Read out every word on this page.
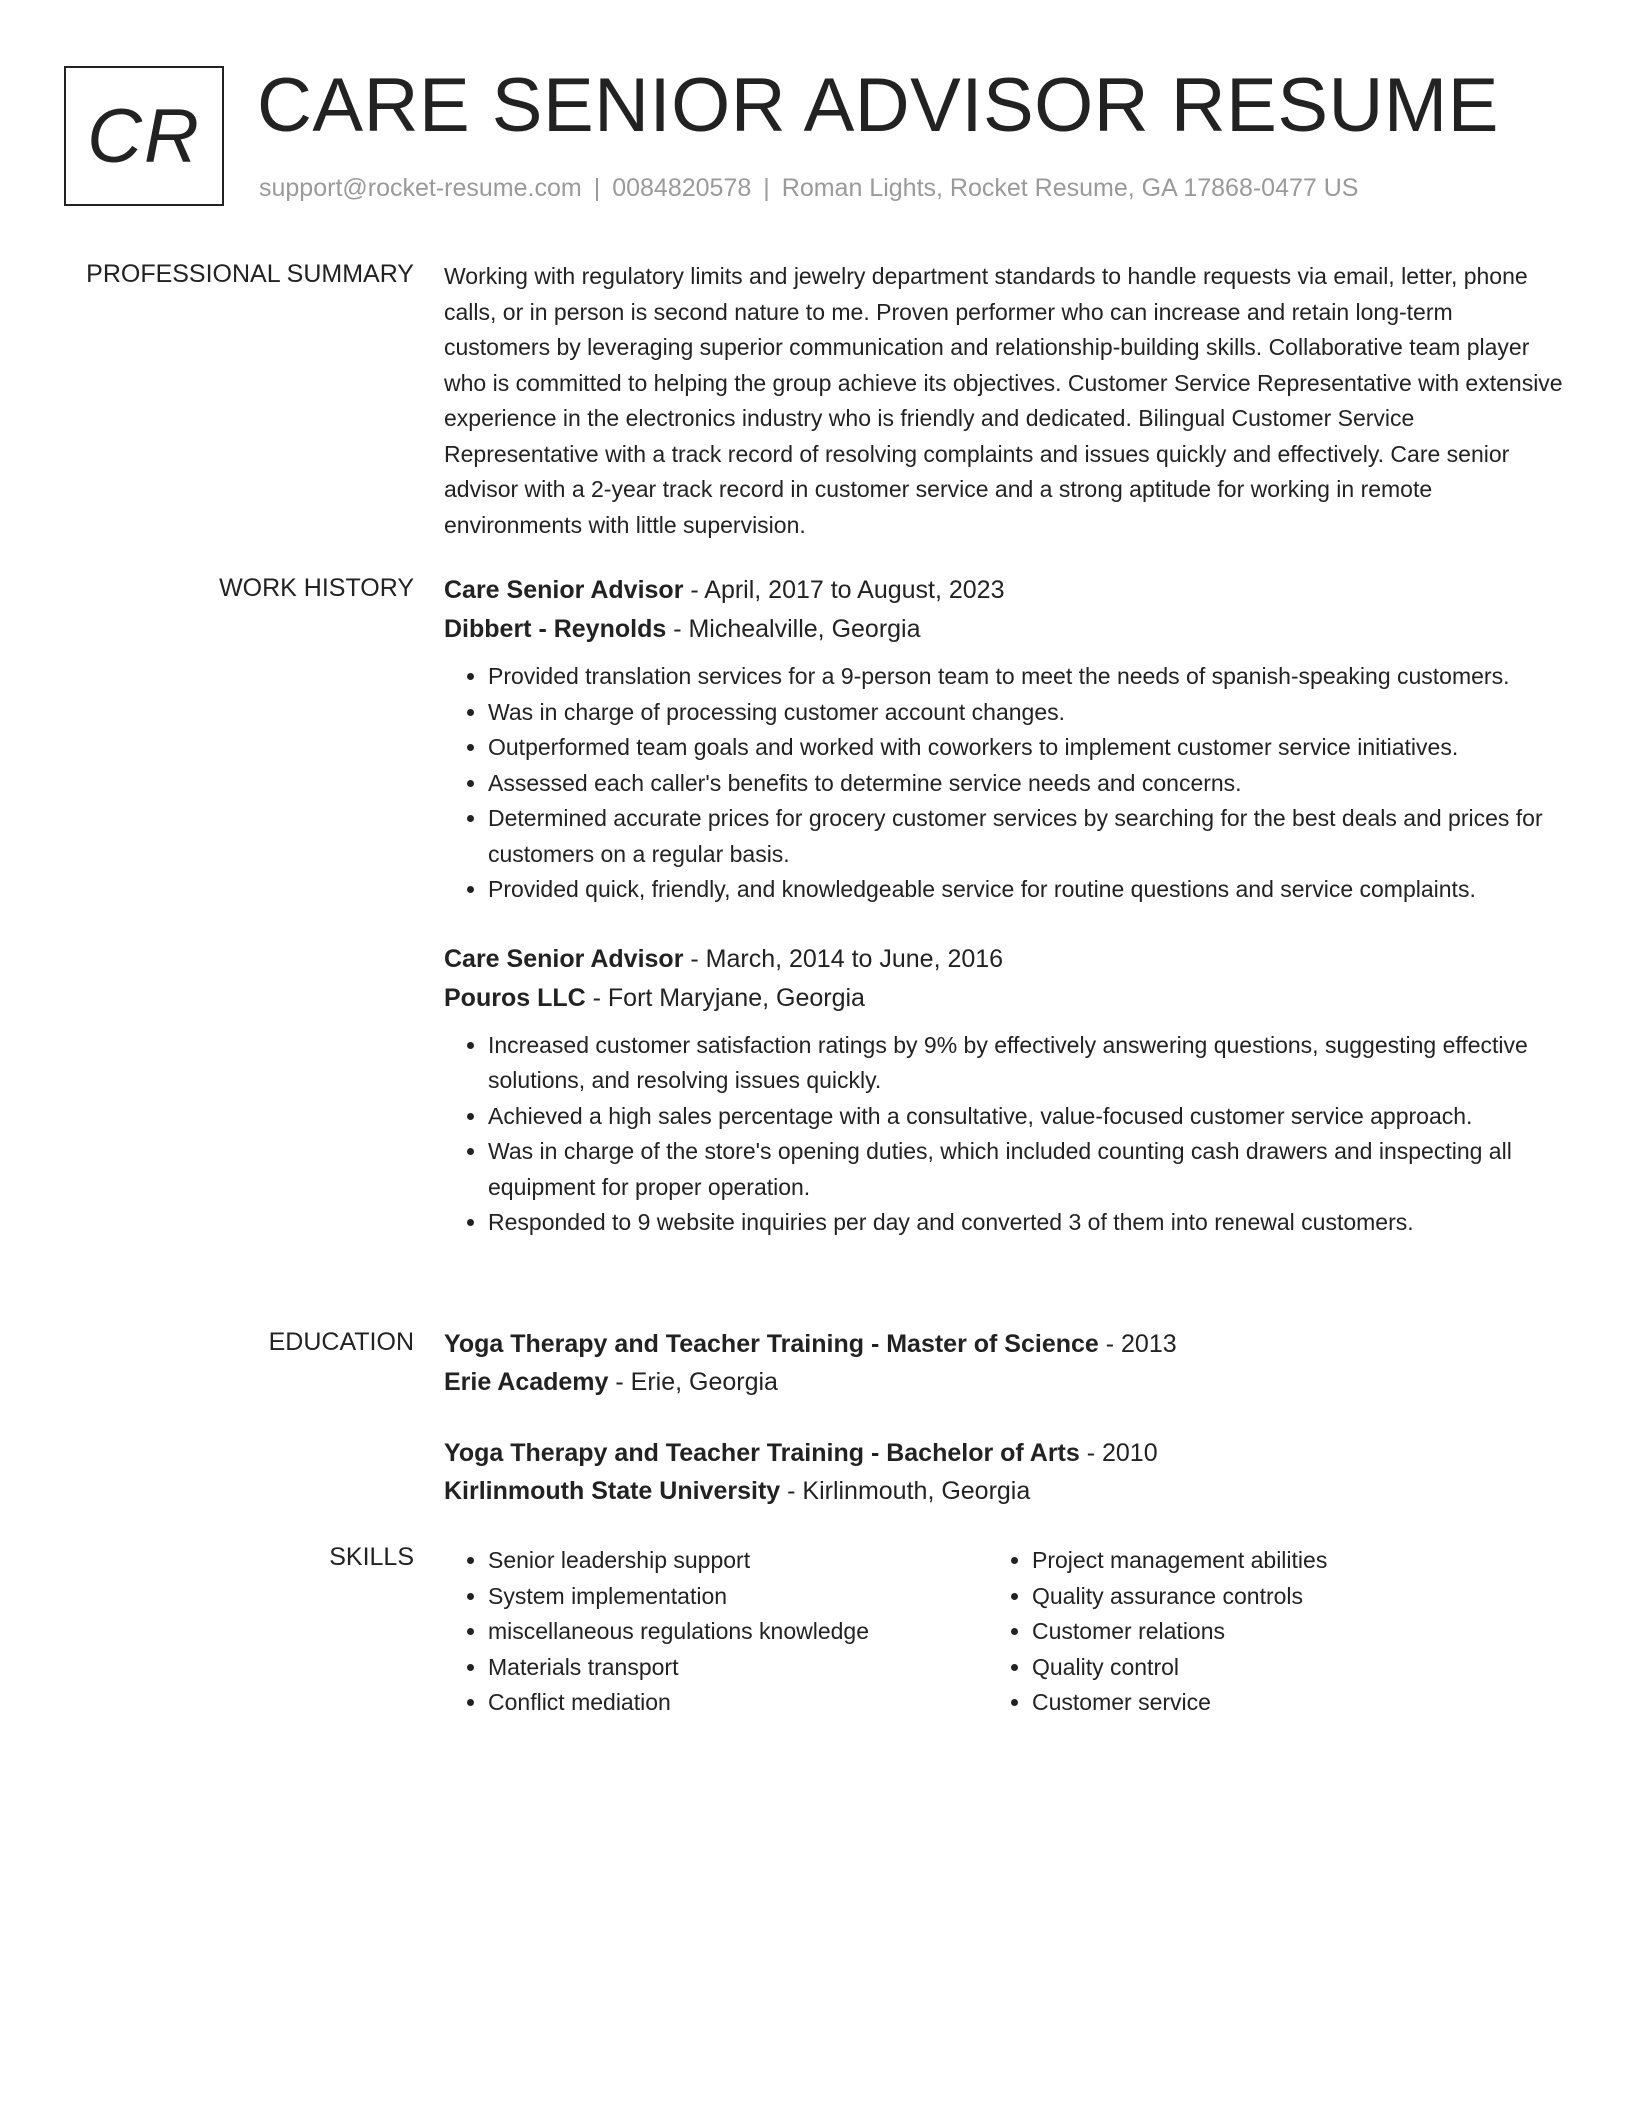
CR CARE SENIOR ADVISOR RESUME
support@rocket-resume.com | 0084820578 | Roman Lights, Rocket Resume, GA 17868-0477 US
PROFESSIONAL SUMMARY Working with regulatory limits and jewelry department standards to handle requests via email, letter, phone calls, or in person is second nature to me. Proven performer who can increase and retain long-term customers by leveraging superior communication and relationship-building skills. Collaborative team player who is committed to helping the group achieve its objectives. Customer Service Representative with extensive experience in the electronics industry who is friendly and dedicated. Bilingual Customer Service Representative with a track record of resolving complaints and issues quickly and effectively. Care senior advisor with a 2-year track record in customer service and a strong aptitude for working in remote environments with little supervision.

WORK HISTORY Care Senior Advisor - April, 2017 to August, 2023
Dibbert - Reynolds - Michealville, Georgia
• Provided translation services for a 9-person team to meet the needs of spanish-speaking customers.
• Was in charge of processing customer account changes.
• Outperformed team goals and worked with coworkers to implement customer service initiatives.
• Assessed each caller's benefits to determine service needs and concerns.
• Determined accurate prices for grocery customer services by searching for the best deals and prices for customers on a regular basis.
• Provided quick, friendly, and knowledgeable service for routine questions and service complaints.
Care Senior Advisor - March, 2014 to June, 2016
Pouros LLC - Fort Maryjane, Georgia
• Increased customer satisfaction ratings by 9% by effectively answering questions, suggesting effective solutions, and resolving issues quickly.
• Achieved a high sales percentage with a consultative, value-focused customer service approach.
• Was in charge of the store's opening duties, which included counting cash drawers and inspecting all equipment for proper operation.
• Responded to 9 website inquiries per day and converted 3 of them into renewal customers.
EDUCATION Yoga Therapy and Teacher Training - Master of Science - 2013
Erie Academy - Erie, Georgia
Yoga Therapy and Teacher Training - Bachelor of Arts - 2010
Kirlinmouth State University - Kirlinmouth, Georgia
SKILLS
•	Senior leadership support
• System implementation
• miscellaneous regulations knowledge
• Materials transport
• Conflict mediation
• Project management abilities
• Quality assurance controls
• Customer relations
• Quality control
• Customer service
